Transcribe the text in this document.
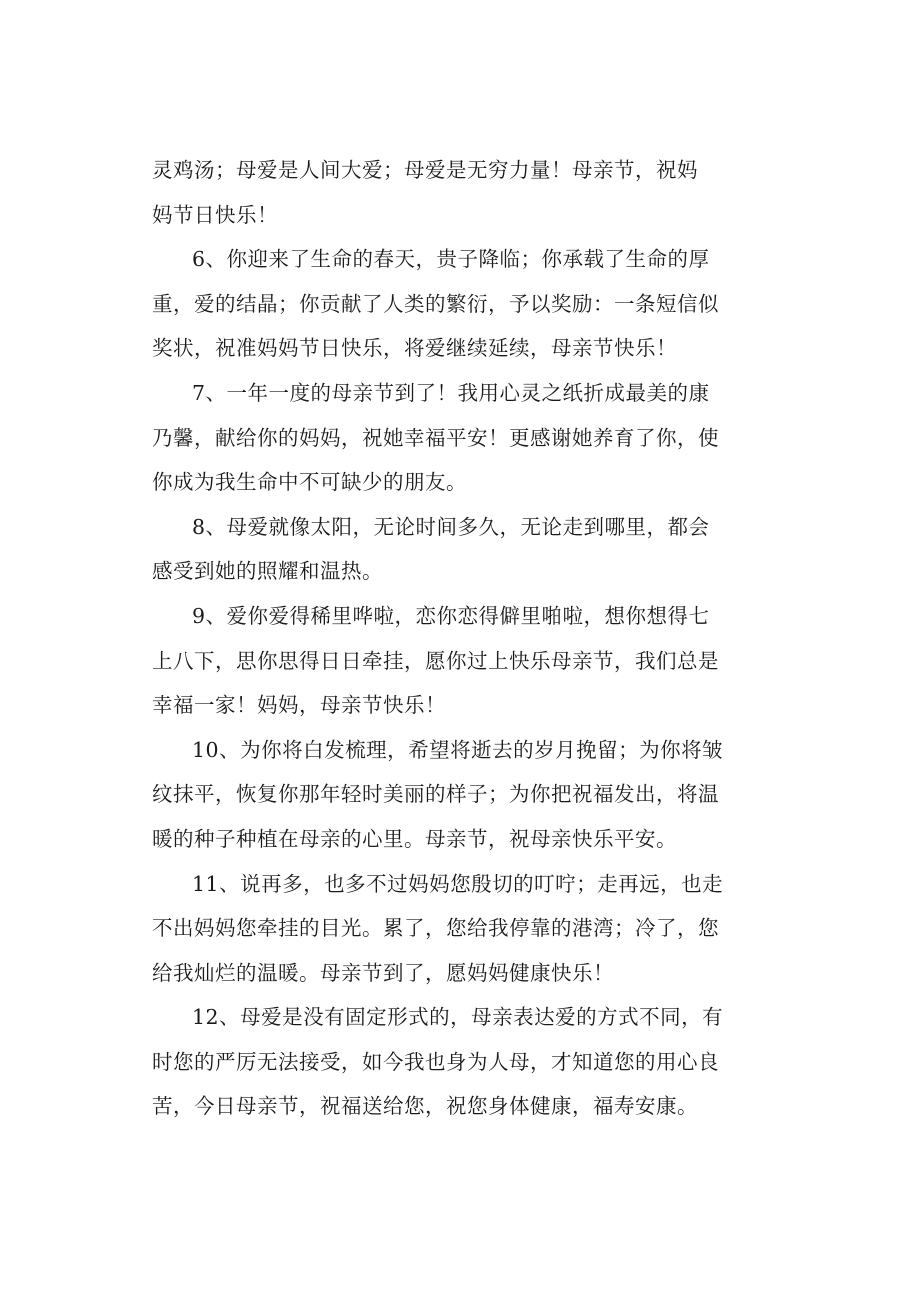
灵鸡汤；母爱是人间大爱；母爱是无穷力量！母亲节，祝妈
妈节日快乐！
6、你迎来了生命的春天，贵子降临；你承载了生命的厚
重，爱的结晶；你贡献了人类的繁衍，予以奖励：一条短信似
奖状，祝准妈妈节日快乐，将爱继续延续，母亲节快乐！
7、一年一度的母亲节到了！我用心灵之纸折成最美的康
乃馨，献给你的妈妈，祝她幸福平安！更感谢她养育了你，使
你成为我生命中不可缺少的朋友。
8、母爱就像太阳，无论时间多久，无论走到哪里，都会
感受到她的照耀和温热。
9、爱你爱得稀里哗啦，恋你恋得僻里啪啦，想你想得七
上八下，思你思得日日牵挂，愿你过上快乐母亲节，我们总是
幸福一家！妈妈，母亲节快乐！
10、为你将白发梳理，希望将逝去的岁月挽留；为你将皱
纹抹平，恢复你那年轻时美丽的样子；为你把祝福发出，将温
暖的种子种植在母亲的心里。母亲节，祝母亲快乐平安。
11、说再多，也多不过妈妈您殷切的叮咛；走再远，也走
不出妈妈您牵挂的目光。累了，您给我停靠的港湾；冷了，您
给我灿烂的温暖。母亲节到了，愿妈妈健康快乐！
12、母爱是没有固定形式的，母亲表达爱的方式不同，有
时您的严厉无法接受，如今我也身为人母，才知道您的用心良
苦，今日母亲节，祝福送给您，祝您身体健康，福寿安康。
